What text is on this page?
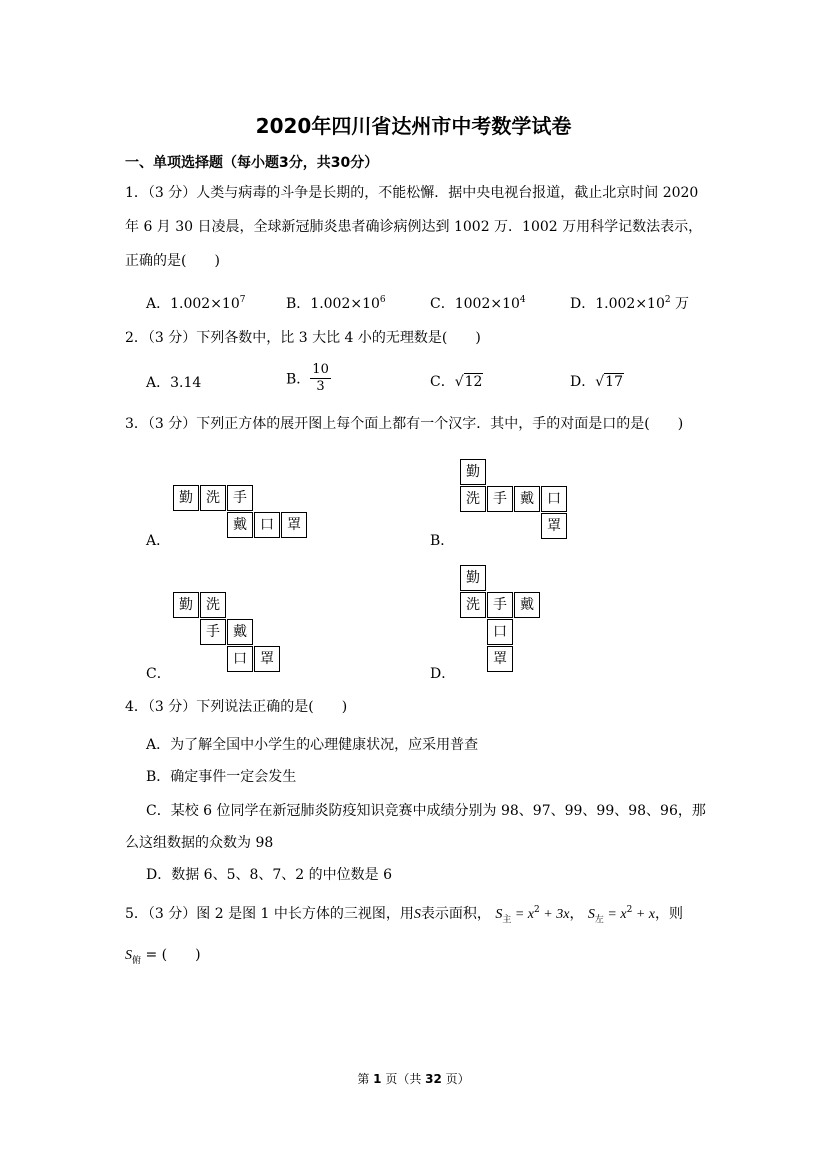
2020年四川省达州市中考数学试卷
一、单项选择题（每小题3分，共30分）
1．（3 分）人类与病毒的斗争是长期的，不能松懈．据中央电视台报道，截止北京时间 2020
年 6 月 30 日凌晨，全球新冠肺炎患者确诊病例达到 1002 万．1002 万用科学记数法表示，
正确的是(　　)
A．$1.002\times 10^7$	B．$1.002\times 10^6$	C．$1002\times 10^4$	D．$1.002\times 10^2$ 万
2．（3 分）下列各数中，比 3 大比 4 小的无理数是(　　)
A．3.14	B． $\frac{10}{3}$	C．√12	D．√17
3．（3 分）下列正方体的展开图上每个面上都有一个汉字．其中，手的对面是口的是(　　)
勤 洗 手
戴 口 罩
A．
勤
洗 手 戴 口
罩
B．
勤 洗
手 戴
口 罩
C．
勤
洗 手 戴
口
罩
D．
4．（3 分）下列说法正确的是(　　)
A．为了解全国中小学生的心理健康状况，应采用普查
B．确定事件一定会发生
C．某校 6 位同学在新冠肺炎防疫知识竞赛中成绩分别为 98、97、99、99、98、96，那
么这组数据的众数为 98
D．数据 6、5、8、7、2 的中位数是 6
5．（3 分）图 2 是图 1 中长方体的三视图，用S表示面积， $S_主 = x^2 + 3x$， $S_左 = x^2 + x$，则
$S_俯$ = (　　)
第 1 页（共 32 页）
